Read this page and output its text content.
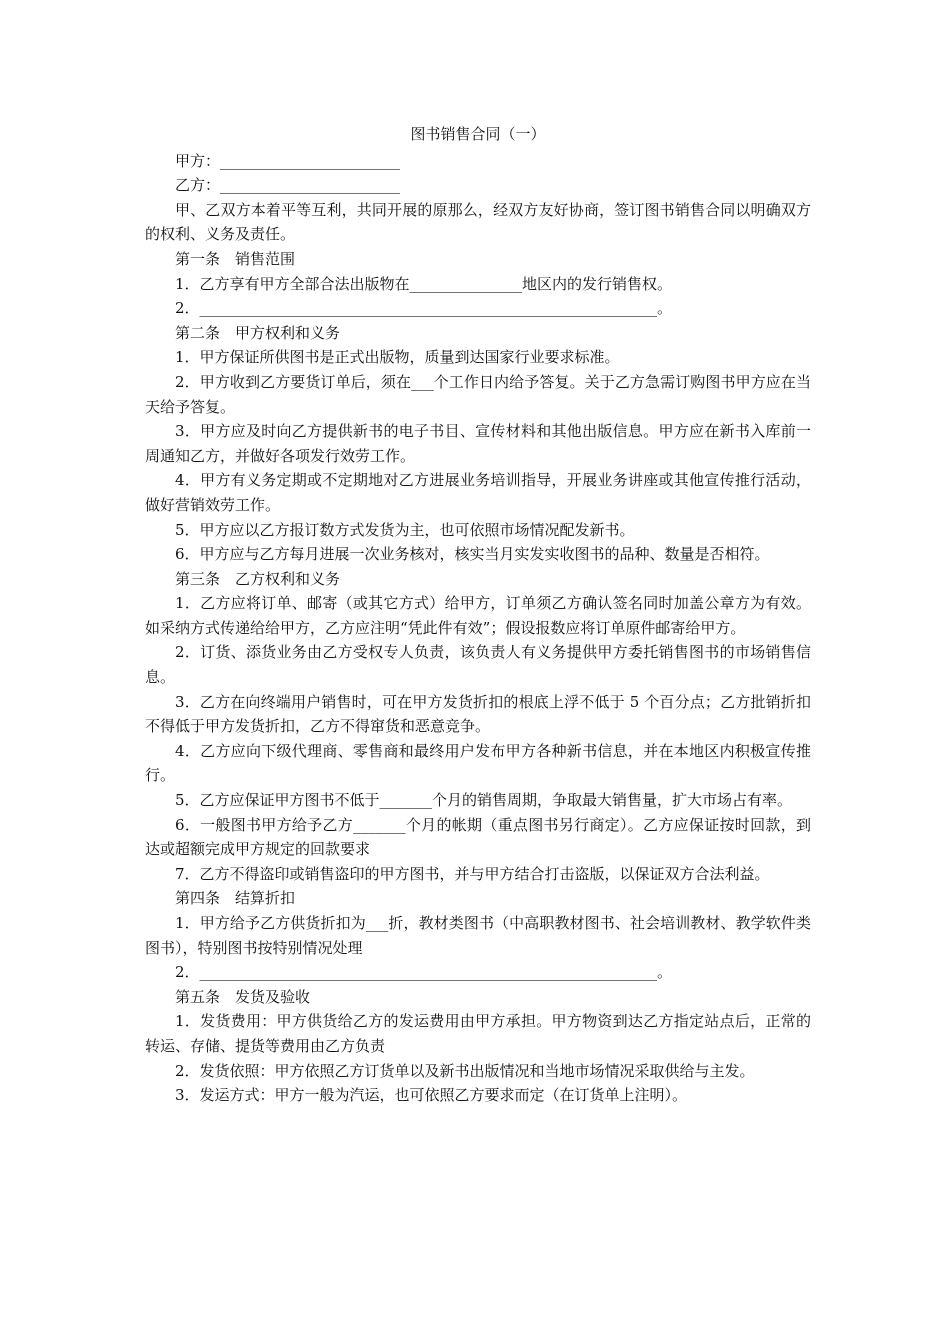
图书销售合同（一）

甲方：________________________

乙方：________________________

甲、乙双方本着平等互利，共同开展的原那么，经双方友好协商，签订图书销售合同以明确双方的权利、义务及责任。

第一条　销售范围

1．乙方享有甲方全部合法出版物在_______________地区内的发行销售权。

2．_____________________________________________________________。

第二条　甲方权利和义务

1．甲方保证所供图书是正式出版物，质量到达国家行业要求标准。

2．甲方收到乙方要货订单后，须在___个工作日内给予答复。关于乙方急需订购图书甲方应在当天给予答复。

3．甲方应及时向乙方提供新书的电子书目、宣传材料和其他出版信息。甲方应在新书入库前一周通知乙方，并做好各项发行效劳工作。

4．甲方有义务定期或不定期地对乙方进展业务培训指导，开展业务讲座或其他宣传推行活动，做好营销效劳工作。

5．甲方应以乙方报订数方式发货为主，也可依照市场情况配发新书。

6．甲方应与乙方每月进展一次业务核对，核实当月实发实收图书的品种、数量是否相符。

第三条　乙方权利和义务

1．乙方应将订单、邮寄（或其它方式）给甲方，订单须乙方确认签名同时加盖公章方为有效。如采纳方式传递给给甲方，乙方应注明“凭此件有效”；假设报数应将订单原件邮寄给甲方。

2．订货、添货业务由乙方受权专人负责，该负责人有义务提供甲方委托销售图书的市场销售信息。

3．乙方在向终端用户销售时，可在甲方发货折扣的根底上浮不低于 5 个百分点；乙方批销折扣不得低于甲方发货折扣，乙方不得窜货和恶意竞争。

4．乙方应向下级代理商、零售商和最终用户发布甲方各种新书信息，并在本地区内积极宣传推行。

5．乙方应保证甲方图书不低于_______个月的销售周期，争取最大销售量，扩大市场占有率。

6．一般图书甲方给予乙方_______个月的帐期（重点图书另行商定）。乙方应保证按时回款，到达或超额完成甲方规定的回款要求

7．乙方不得盗印或销售盗印的甲方图书，并与甲方结合打击盗版，以保证双方合法利益。

第四条　结算折扣

1．甲方给予乙方供货折扣为___折，教材类图书（中高职教材图书、社会培训教材、教学软件类图书），特别图书按特别情况处理

2．_____________________________________________________________。

第五条　发货及验收

1．发货费用：甲方供货给乙方的发运费用由甲方承担。甲方物资到达乙方指定站点后，正常的转运、存储、提货等费用由乙方负责

2．发货依照：甲方依照乙方订货单以及新书出版情况和当地市场情况采取供给与主发。

3．发运方式：甲方一般为汽运，也可依照乙方要求而定（在订货单上注明）。
